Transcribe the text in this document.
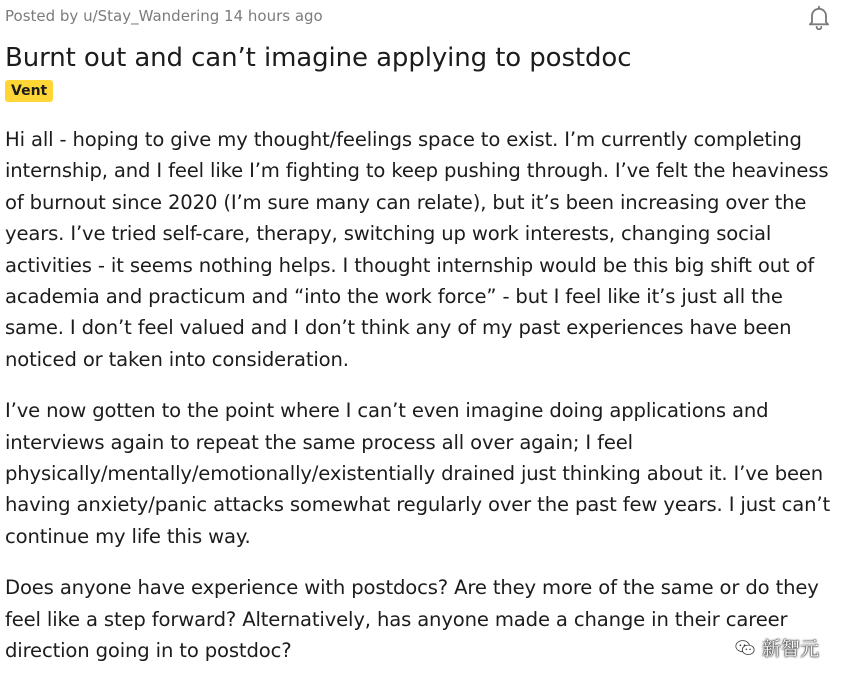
Posted by u/Stay_Wandering 14 hours ago
Burnt out and can’t imagine applying to postdoc
Vent

Hi all - hoping to give my thought/feelings space to exist. I’m currently completing internship, and I feel like I’m fighting to keep pushing through. I’ve felt the heaviness of burnout since 2020 (I’m sure many can relate), but it’s been increasing over the years. I’ve tried self-care, therapy, switching up work interests, changing social activities - it seems nothing helps. I thought internship would be this big shift out of academia and practicum and “into the work force” - but I feel like it’s just all the same. I don’t feel valued and I don’t think any of my past experiences have been noticed or taken into consideration.

I’ve now gotten to the point where I can’t even imagine doing applications and interviews again to repeat the same process all over again; I feel physically/mentally/emotionally/existentially drained just thinking about it. I’ve been having anxiety/panic attacks somewhat regularly over the past few years. I just can’t continue my life this way.

Does anyone have experience with postdocs? Are they more of the same or do they feel like a step forward? Alternatively, has anyone made a change in their career direction going in to postdoc?	新智元
